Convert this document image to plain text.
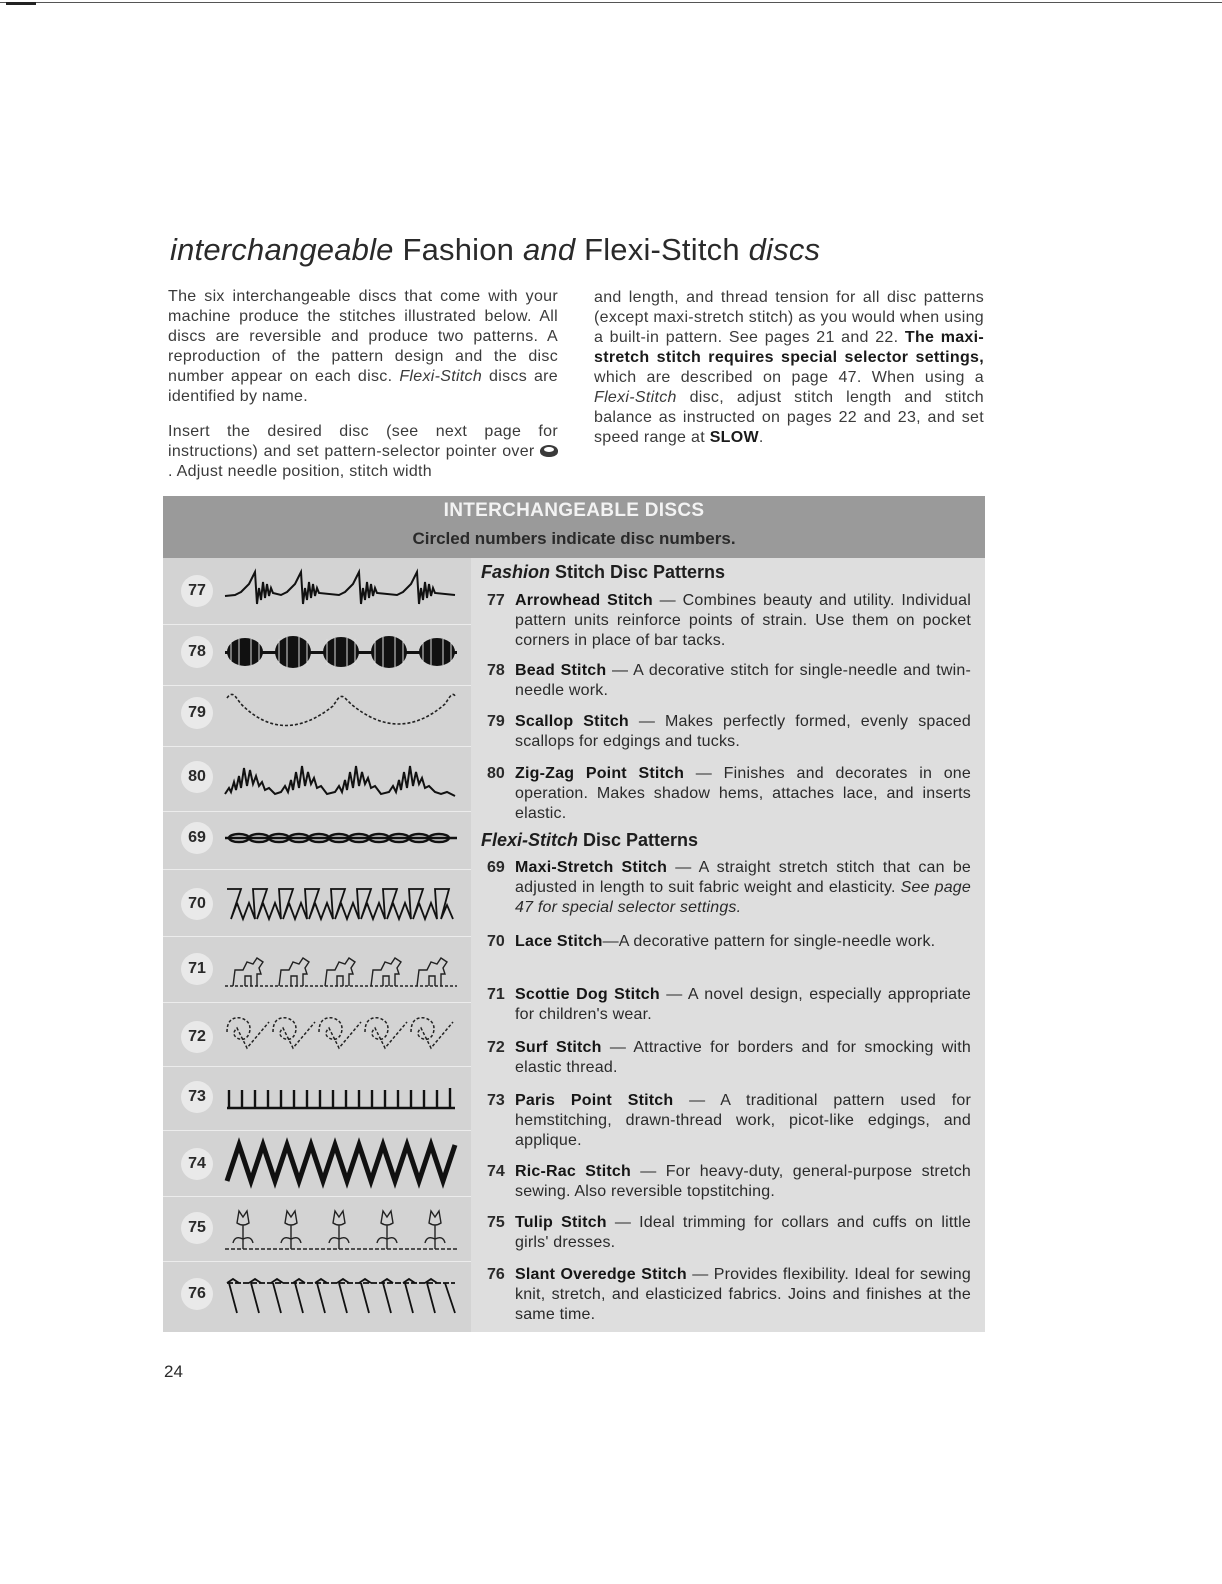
interchangeable Fashion and Flexi-Stitch discs
The six interchangeable discs that come with your machine produce the stitches illustrated below. All discs are reversible and produce two patterns. A reproduction of the pattern design and the disc number appear on each disc. Flexi-Stitch discs are identified by name.
Insert the desired disc (see next page for instructions) and set pattern-selector pointer over . Adjust needle position, stitch width
and length, and thread tension for all disc patterns (except maxi-stretch stitch) as you would when using a built-in pattern. See pages 21 and 22. The maxi-stretch stitch requires special selector settings, which are described on page 47. When using a Flexi-Stitch disc, adjust stitch length and stitch balance as instructed on pages 22 and 23, and set speed range at SLOW.
INTERCHANGEABLE DISCS
Circled numbers indicate disc numbers.
77
78
79
80
69
70
71
72
73
74
75
76
Fashion Stitch Disc Patterns
77 Arrowhead Stitch — Combines beauty and utility. Individual pattern units reinforce points of strain. Use them on pocket corners in place of bar tacks.
78 Bead Stitch — A decorative stitch for single-needle and twin-needle work.
79 Scallop Stitch — Makes perfectly formed, evenly spaced scallops for edgings and tucks.
80 Zig-Zag Point Stitch — Finishes and decorates in one operation. Makes shadow hems, attaches lace, and inserts elastic.
Flexi-Stitch Disc Patterns
69 Maxi-Stretch Stitch — A straight stretch stitch that can be adjusted in length to suit fabric weight and elasticity. See page 47 for special selector settings.
70 Lace Stitch—A decorative pattern for single-needle work.
71 Scottie Dog Stitch — A novel design, especially appropriate for children's wear.
72 Surf Stitch — Attractive for borders and for smocking with elastic thread.
73 Paris Point Stitch — A traditional pattern used for hemstitching, drawn-thread work, picot-like edgings, and applique.
74 Ric-Rac Stitch — For heavy-duty, general-purpose stretch sewing. Also reversible topstitching.
75 Tulip Stitch — Ideal trimming for collars and cuffs on little girls' dresses.
76 Slant Overedge Stitch — Provides flexibility. Ideal for sewing knit, stretch, and elasticized fabrics. Joins and finishes at the same time.
24
